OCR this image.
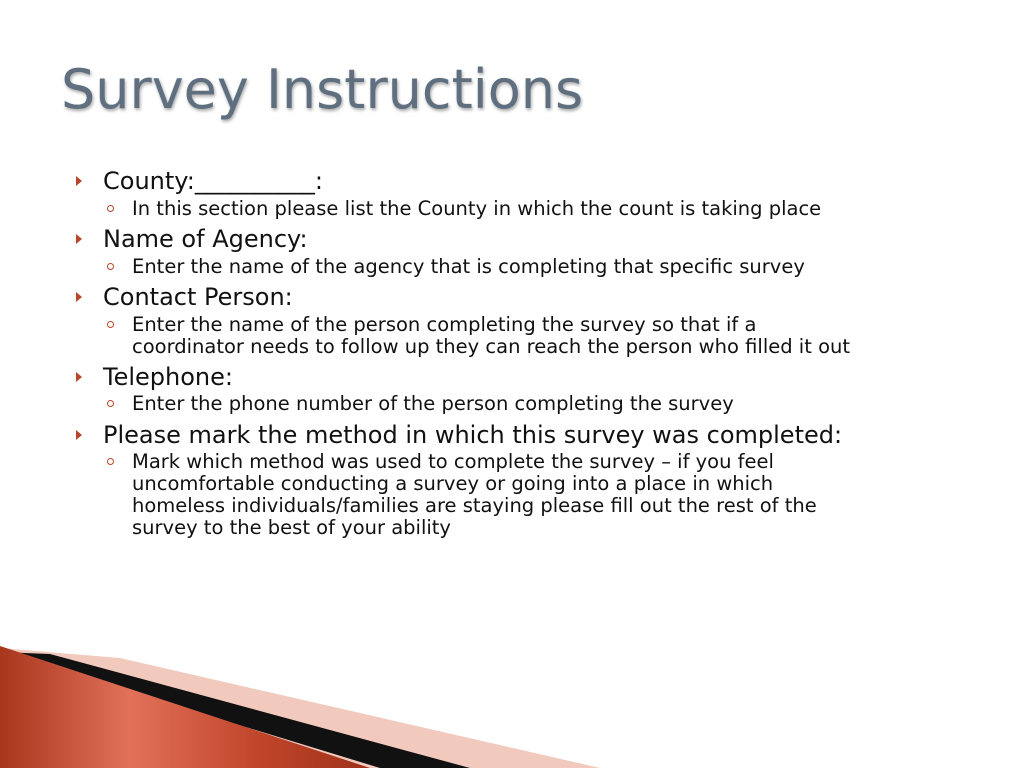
Survey Instructions
County:__________:
In this section please list the County in which the count is taking place
Name of Agency:
Enter the name of the agency that is completing that specific survey
Contact Person:
Enter the name of the person completing the survey so that if a
coordinator needs to follow up they can reach the person who filled it out
Telephone:
Enter the phone number of the person completing the survey
Please mark the method in which this survey was completed:
Mark which method was used to complete the survey – if you feel
uncomfortable conducting a survey or going into a place in which
homeless individuals/families are staying please fill out the rest of the
survey to the best of your ability
